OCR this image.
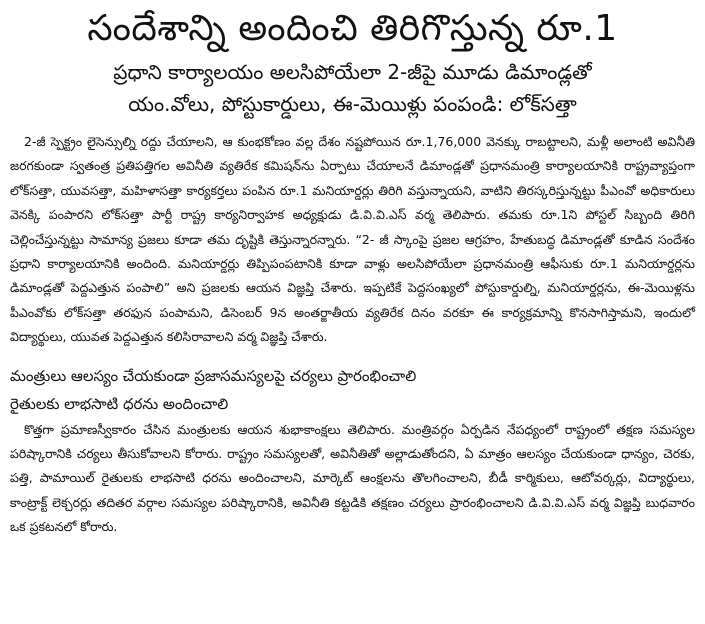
సందేశాన్ని అందించి తిరిగొస్తున్న రూ.1

ప్రధాని కార్యాలయం అలసిపోయేలా 2-జీపై మూడు డిమాండ్లతో

యం.వోలు, పోస్టుకార్డులు, ఈ-మెయిళ్లు పంపండి: లోక్‌సత్తా

2-జీ స్పెక్ట్రం లైసెన్సుల్ని రద్దు చేయాలని, ఆ కుంభకోణం వల్ల దేశం నష్టపోయిన రూ.1,76,000 వెనక్కు రాబట్టాలని, మళ్లీ అలాంటి అవినీతి జరగకుండా స్వతంత్ర ప్రతిపత్తిగల అవినీతి వ్యతిరేక కమిషన్‌ను ఏర్పాటు చేయాలనే డిమాండ్లతో ప్రధానమంత్రి కార్యాలయానికి రాష్ట్రవ్యాప్తంగా లోక్‌సత్తా, యువసత్తా, మహిళాసత్తా కార్యకర్తలు పంపిన రూ.1 మనియార్డర్లు తిరిగి వస్తున్నాయని, వాటిని తిరస్కరిస్తున్నట్టు పీఎంవో అధికారులు వెనక్కి పంపారని లోక్‌సత్తా పార్టీ రాష్ట్ర కార్యనిర్వాహక అధ్యక్షుడు డి.వి.వి.ఎస్ వర్మ తెలిపారు. తమకు రూ.1ని పోస్టల్ సిబ్బంది తిరిగి చెల్లించేస్తున్నట్టు సామాన్య ప్రజలు కూడా తమ దృష్టికి తెస్తున్నారన్నారు. “2- జీ స్కాంపై ప్రజల ఆగ్రహం, హేతుబద్ధ డిమాండ్లతో కూడిన సందేశం ప్రధాని కార్యాలయానికి అందింది. మనియార్డర్లు తిప్పిపంపటానికి కూడా వాళ్లు అలసిపోయేలా ప్రధానమంత్రి ఆఫీసుకు రూ.1 మనియార్డర్లను డిమాండ్లతో పెద్దఎత్తున పంపాలి” అని ప్రజలకు ఆయన విజ్ఞప్తి చేశారు. ఇప్పటికే పెద్దసంఖ్యలో పోస్టుకార్డుల్ని, మనియార్డర్లను, ఈ-మెయిళ్లను పీఎంవోకు లోక్‌సత్తా తరఫున పంపామని, డిసెంబర్ 9న అంతర్జాతీయ వ్యతిరేక దినం వరకూ ఈ కార్యక్రమాన్ని కొనసాగిస్తామని, ఇందులో విద్యార్థులు, యువత పెద్దఎత్తున కలిసిరావాలని వర్మ విజ్ఞప్తి చేశారు.

మంత్రులు ఆలస్యం చేయకుండా ప్రజాసమస్యలపై చర్యలు ప్రారంభించాలి

రైతులకు లాభసాటి ధరను అందించాలి

కొత్తగా ప్రమాణస్వీకారం చేసిన మంత్రులకు ఆయన శుభాకాంక్షలు తెలిపారు. మంత్రివర్గం ఏర్పడిన నేపధ్యంలో రాష్ట్రంలో తక్షణ సమస్యల పరిష్కారానికి చర్యలు తీసుకోవాలని కోరారు. రాష్ట్రం సమస్యలతో, అవినీతితో అల్లాడుతోందని, ఏ మాత్రం ఆలస్యం చేయకుండా ధాన్యం, చెరకు, పత్తి, పామాయిల్ రైతులకు లాభసాటి ధరను అందించాలని, మార్కెట్ ఆంక్షలను తొలగించాలని, బీడీ కార్మికులు, ఆటోవర్కర్లు, విద్యార్థులు, కాంట్రాక్ట్ లెక్చరర్లు తదితర వర్గాల సమస్యల పరిష్కారానికి, అవినీతి కట్టడికి తక్షణం చర్యలు ప్రారంభించాలని డి.వి.వి.ఎస్ వర్మ విజ్ఞప్తి బుధవారం ఒక ప్రకటనలో కోరారు.
